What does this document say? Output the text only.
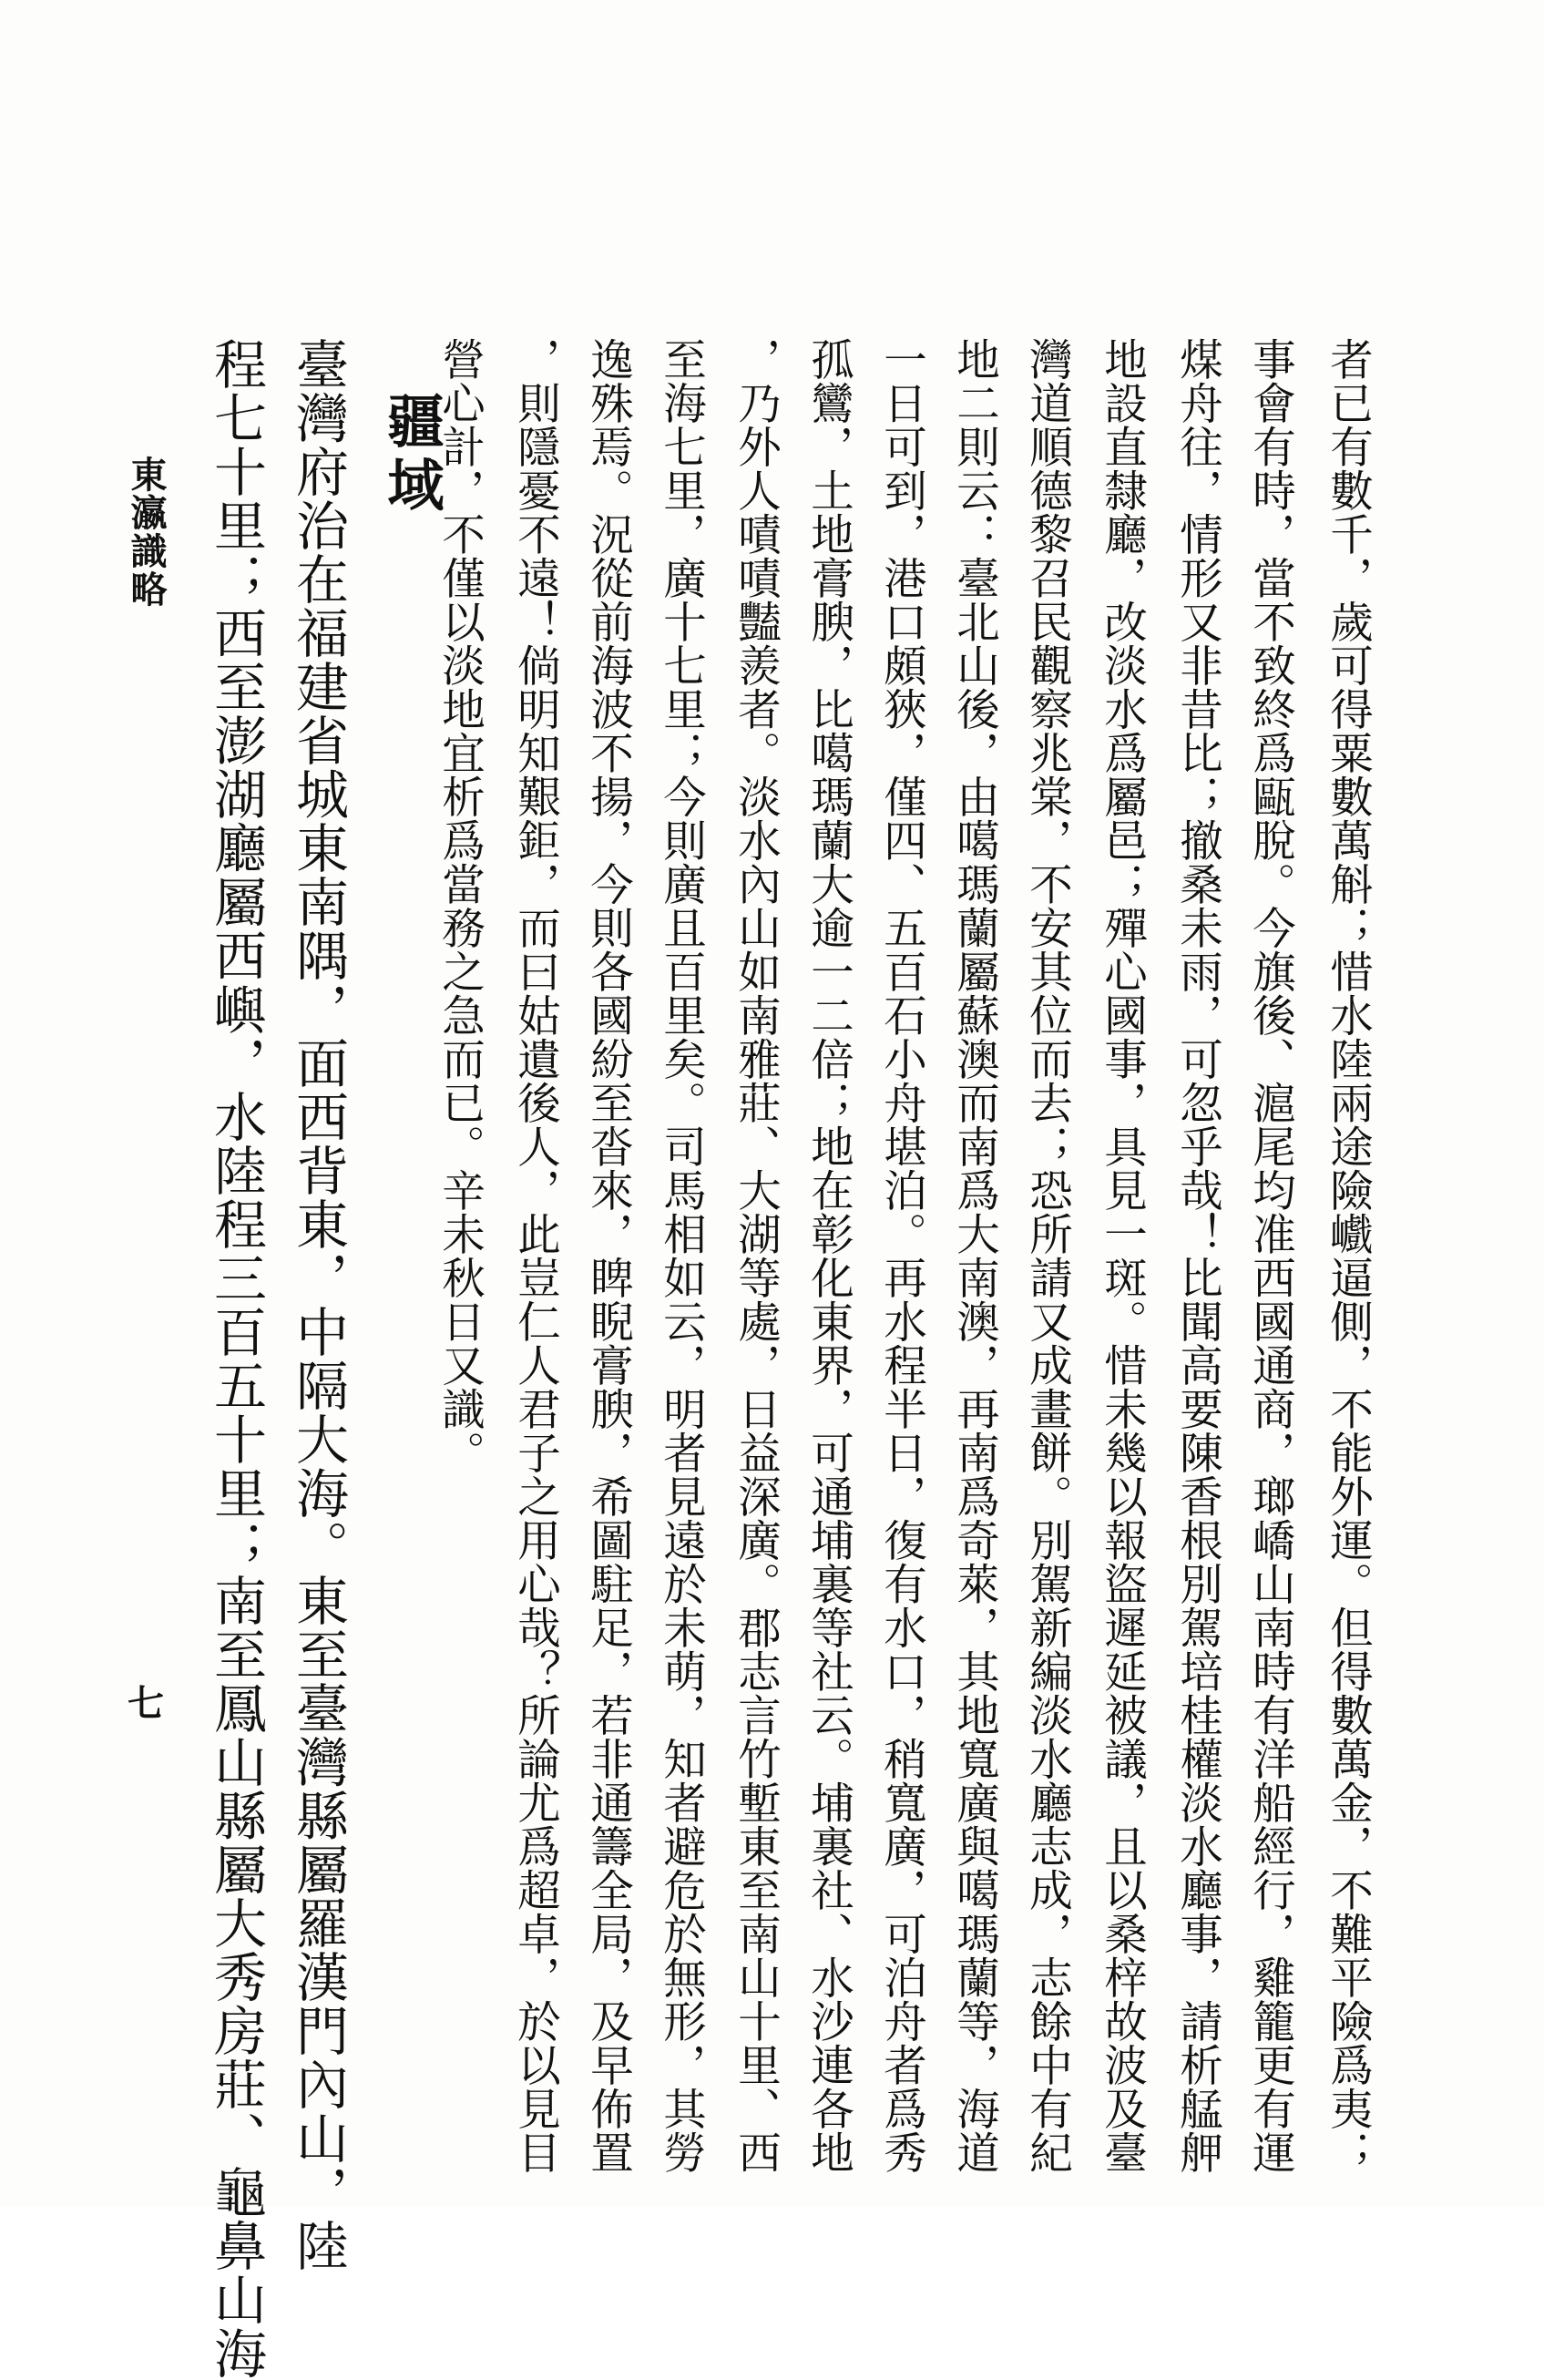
者已有數千，歲可得粟數萬斛；惜水陸兩途險巇逼側，不能外運。但得數萬金，不難平險爲夷；
事會有時，當不致終爲甌脫。今旗後、滬尾均准西國通商，瑯嶠山南時有洋船經行，雞籠更有運
煤舟往，情形又非昔比；撤桑未雨，可忽乎哉！比聞高要陳香根別駕培桂權淡水廳事，請析艋舺
地設直隸廳，改淡水爲屬邑；殫心國事，具見一斑。惜未幾以報盜遲延被議，且以桑梓故波及臺
灣道順德黎召民觀察兆棠，不安其位而去；恐所請又成畫餅。別駕新編淡水廳志成，志餘中有紀
地二則云：臺北山後，由噶瑪蘭屬蘇澳而南爲大南澳，再南爲奇萊，其地寬廣與噶瑪蘭等，海道
一日可到，港口頗狹，僅四、五百石小舟堪泊。再水程半日，復有水口，稍寬廣，可泊舟者爲秀
孤鸞，土地膏腴，比噶瑪蘭大逾一二倍；地在彰化東界，可通埔裏等社云。埔裏社、水沙連各地
，乃外人嘖嘖豔羨者。淡水內山如南雅莊、大湖等處，日益深廣。郡志言竹塹東至南山十里、西
至海七里，廣十七里；今則廣且百里矣。司馬相如云，明者見遠於未萌，知者避危於無形，其勞
逸殊焉。況從前海波不揚，今則各國紛至沓來，睥睨膏腴，希圖駐足，若非通籌全局，及早佈置
，則隱憂不遠！倘明知艱鉅，而曰姑遺後人，此豈仁人君子之用心哉？所論尤爲超卓，於以見目
營心計，不僅以淡地宜析爲當務之急而已。辛未秋日又識。
疆域
臺灣府治在福建省城東南隅，面西背東，中隔大海。東至臺灣縣屬羅漢門內山，陸
程七十里；西至澎湖廳屬西嶼，水陸程三百五十里；南至鳳山縣屬大秀房莊、龜鼻山海
東瀛識略
七
